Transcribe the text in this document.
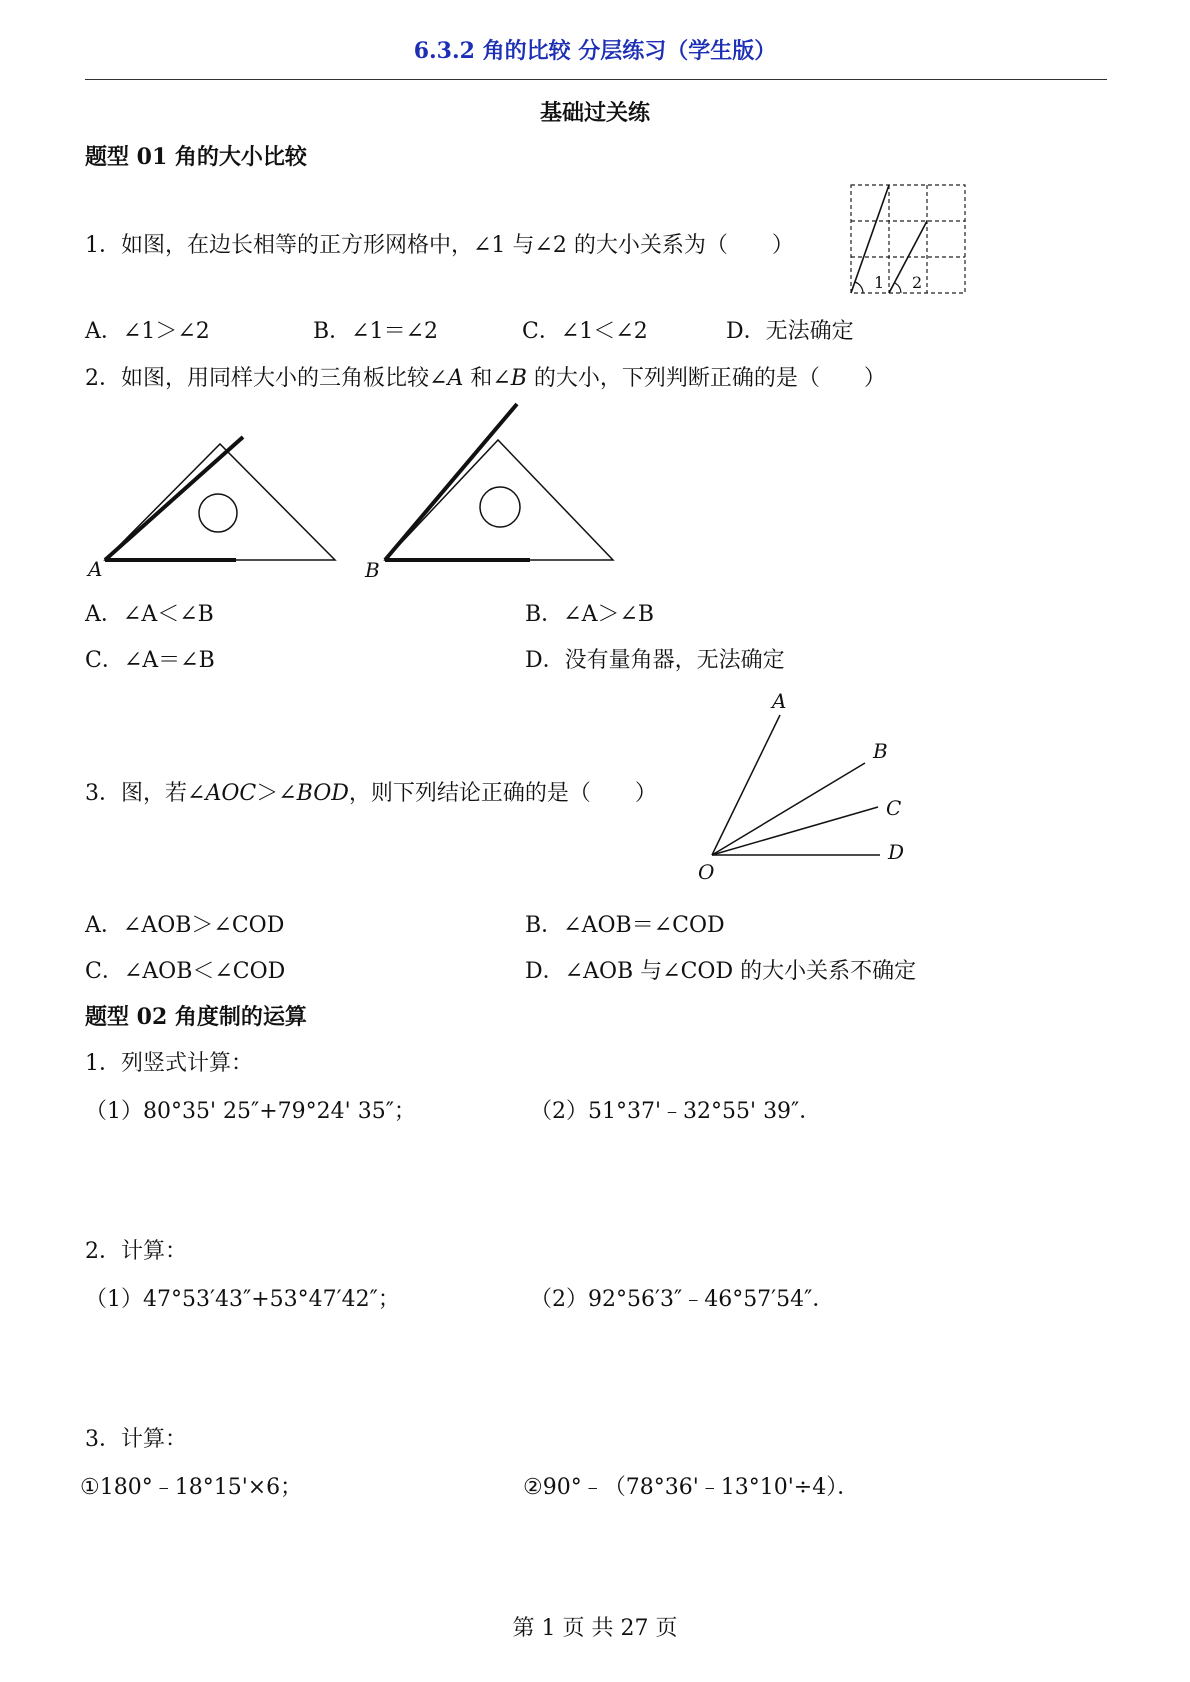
6.3.2 角的比较 分层练习（学生版）
基础过关练
题型 01 角的大小比较
1．如图，在边长相等的正方形网格中，∠1 与∠2 的大小关系为（　　）
1 2
A．∠1＞∠2	B．∠1＝∠2	C．∠1＜∠2	D．无法确定
2．如图，用同样大小的三角板比较∠A 和∠B 的大小，下列判断正确的是（　　）
A	B
A．∠A＜∠B	B．∠A＞∠B
C．∠A＝∠B	D．没有量角器，无法确定
3．图，若∠AOC＞∠BOD，则下列结论正确的是（　　）
A
B
C
D
O
A．∠AOB＞∠COD	B．∠AOB＝∠COD
C．∠AOB＜∠COD	D．∠AOB 与∠COD 的大小关系不确定
题型 02 角度制的运算
1．列竖式计算：
（1）80°35' 25″+79°24' 35″；	（2）51°37'﹣32°55' 39″．
2．计算：
（1）47°53′43″+53°47′42″；	（2）92°56′3″﹣46°57′54″．
3．计算：
①180°﹣18°15'×6；	②90°﹣（78°36'﹣13°10'÷4）．
第 1 页 共 27 页
